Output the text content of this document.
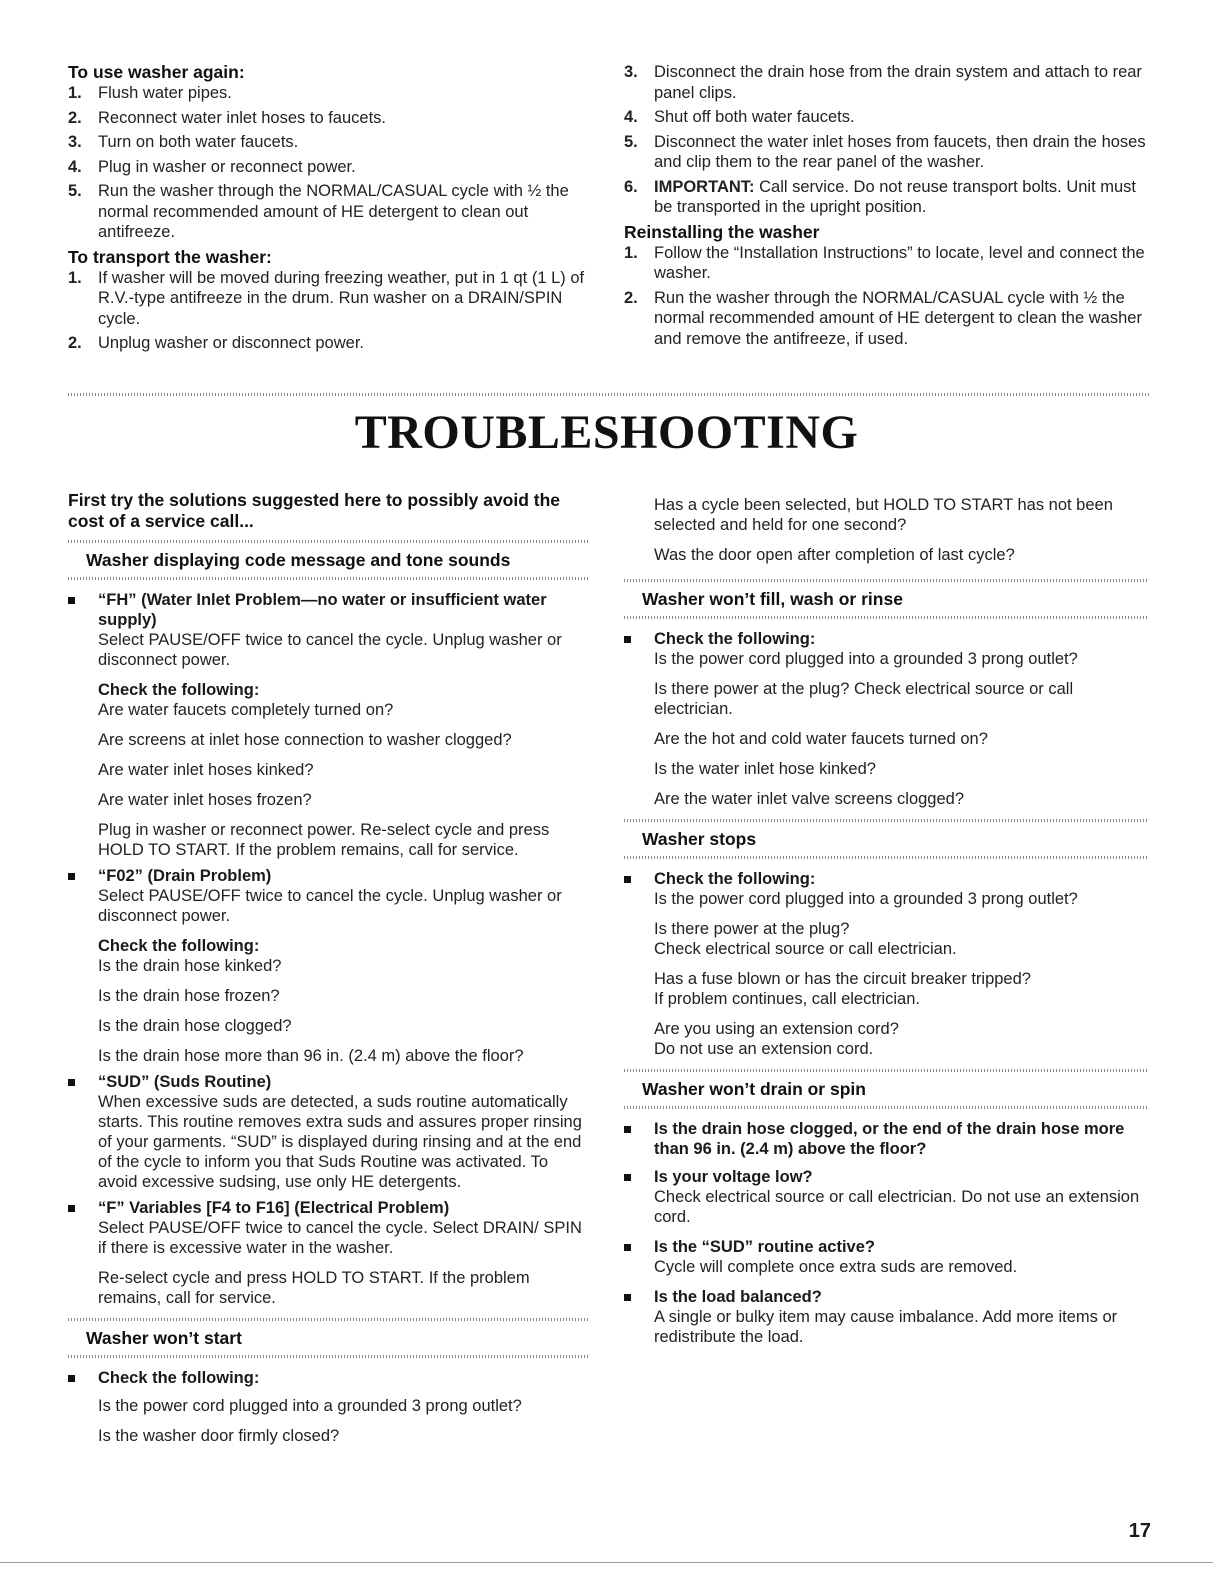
To use washer again:

1. Flush water pipes.
2. Reconnect water inlet hoses to faucets.
3. Turn on both water faucets.
4. Plug in washer or reconnect power.
5. Run the washer through the NORMAL/CASUAL cycle with ½ the normal recommended amount of HE detergent to clean out antifreeze.

To transport the washer:

1. If washer will be moved during freezing weather, put in 1 qt (1 L) of R.V.-type antifreeze in the drum. Run washer on a DRAIN/SPIN cycle.
2. Unplug washer or disconnect power.
3. Disconnect the drain hose from the drain system and attach to rear panel clips.
4. Shut off both water faucets.
5. Disconnect the water inlet hoses from faucets, then drain the hoses and clip them to the rear panel of the washer.
6. IMPORTANT: Call service. Do not reuse transport bolts. Unit must be transported in the upright position.

Reinstalling the washer

1. Follow the “Installation Instructions” to locate, level and connect the washer.
2. Run the washer through the NORMAL/CASUAL cycle with ½ the normal recommended amount of HE detergent to clean the washer and remove the antifreeze, if used.
TROUBLESHOOTING
First try the solutions suggested here to possibly avoid the cost of a service call...
Washer displaying code message and tone sounds
“FH” (Water Inlet Problem—no water or insufficient water supply)

Select PAUSE/OFF twice to cancel the cycle. Unplug washer or disconnect power.

Check the following:

Are water faucets completely turned on?

Are screens at inlet hose connection to washer clogged?

Are water inlet hoses kinked?

Are water inlet hoses frozen?

Plug in washer or reconnect power. Re-select cycle and press HOLD TO START. If the problem remains, call for service.

“F02” (Drain Problem)

Select PAUSE/OFF twice to cancel the cycle. Unplug washer or disconnect power.

Check the following:

Is the drain hose kinked?

Is the drain hose frozen?

Is the drain hose clogged?

Is the drain hose more than 96 in. (2.4 m) above the floor?

“SUD” (Suds Routine)

When excessive suds are detected, a suds routine automatically starts. This routine removes extra suds and assures proper rinsing of your garments. “SUD” is displayed during rinsing and at the end of the cycle to inform you that Suds Routine was activated. To avoid excessive sudsing, use only HE detergents.

“F” Variables [F4 to F16] (Electrical Problem)

Select PAUSE/OFF twice to cancel the cycle. Select DRAIN/ SPIN if there is excessive water in the washer.

Re-select cycle and press HOLD TO START. If the problem remains, call for service.

Washer won’t start
Check the following:

Is the power cord plugged into a grounded 3 prong outlet?

Is the washer door firmly closed?

Has a cycle been selected, but HOLD TO START has not been selected and held for one second?

Was the door open after completion of last cycle?

Washer won’t fill, wash or rinse
Check the following:

Is the power cord plugged into a grounded 3 prong outlet?

Is there power at the plug? Check electrical source or call electrician.

Are the hot and cold water faucets turned on?

Is the water inlet hose kinked?

Are the water inlet valve screens clogged?

Washer stops
Check the following:

Is the power cord plugged into a grounded 3 prong outlet?

Is there power at the plug?

Check electrical source or call electrician.

Has a fuse blown or has the circuit breaker tripped?

If problem continues, call electrician.

Are you using an extension cord?

Do not use an extension cord.

Washer won’t drain or spin
Is the drain hose clogged, or the end of the drain hose more than 96 in. (2.4 m) above the floor?
Is your voltage low?

Check electrical source or call electrician. Do not use an extension cord.

Is the “SUD” routine active?

Cycle will complete once extra suds are removed.

Is the load balanced?

A single or bulky item may cause imbalance. Add more items or redistribute the load.

17
